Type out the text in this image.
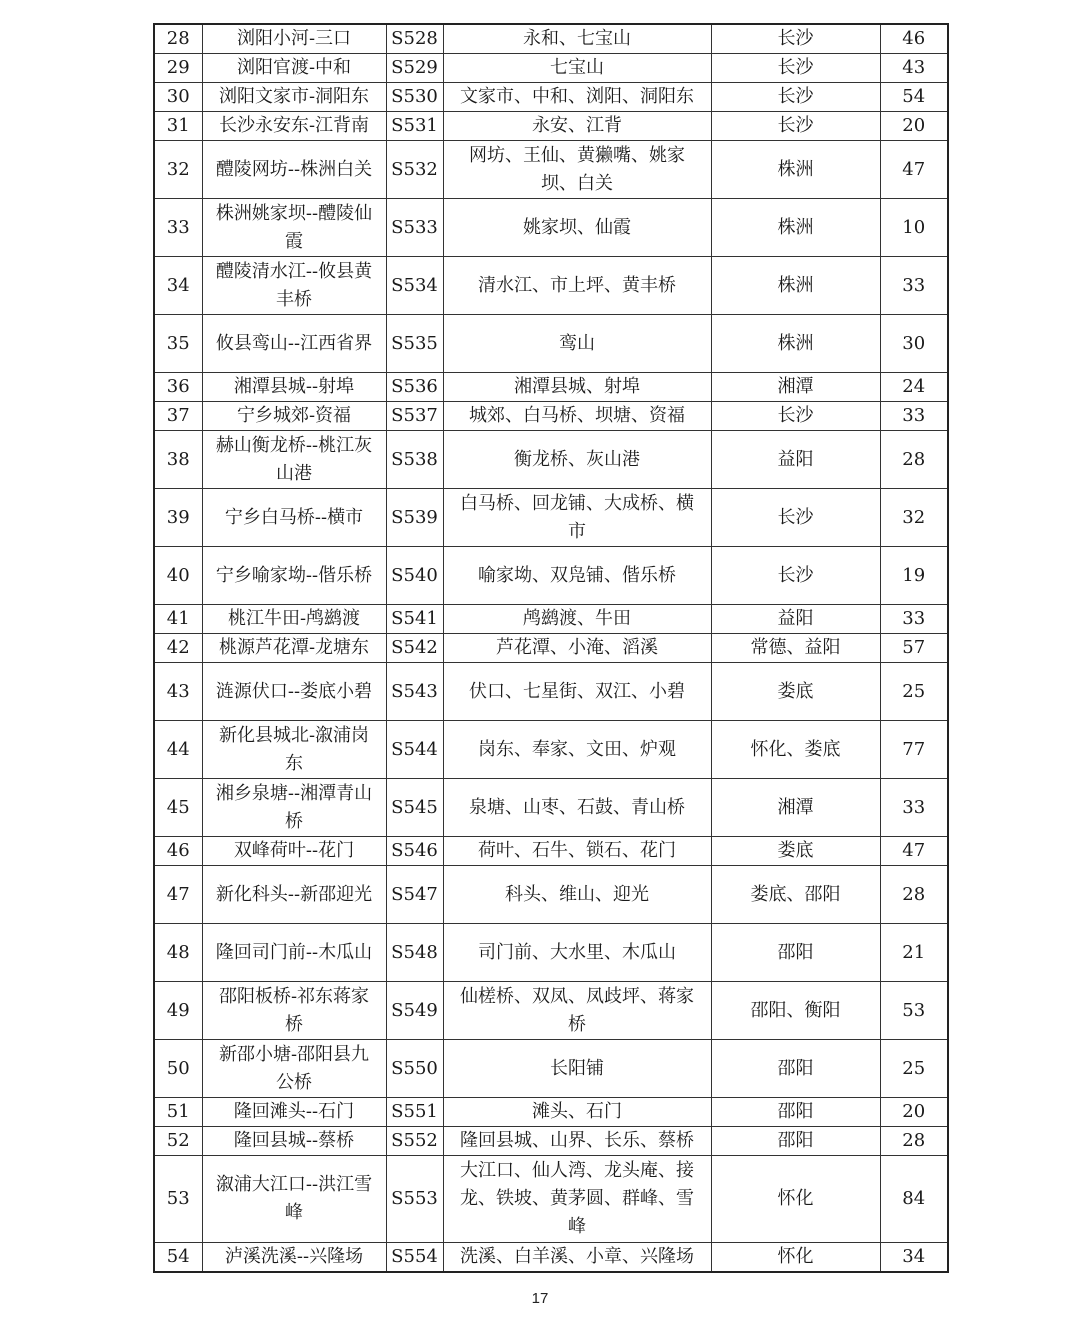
28	浏阳小河-三口	S528	永和、七宝山	长沙	46
29	浏阳官渡-中和	S529	七宝山	长沙	43
30	浏阳文家市-洞阳东	S530	文家市、中和、浏阳、洞阳东	长沙	54
31	长沙永安东-江背南	S531	永安、江背	长沙	20
32	醴陵网坊--株洲白关	S532	网坊、王仙、黄獭嘴、姚家坝、白关	株洲	47
33	株洲姚家坝--醴陵仙霞	S533	姚家坝、仙霞	株洲	10
34	醴陵清水江--攸县黄丰桥	S534	清水江、市上坪、黄丰桥	株洲	33
35	攸县鸾山--江西省界	S535	鸾山	株洲	30
36	湘潭县城--射埠	S536	湘潭县城、射埠	湘潭	24
37	宁乡城郊-资福	S537	城郊、白马桥、坝塘、资福	长沙	33
38	赫山衡龙桥--桃江灰山港	S538	衡龙桥、灰山港	益阳	28
39	宁乡白马桥--横市	S539	白马桥、回龙铺、大成桥、横市	长沙	32
40	宁乡喻家坳--偕乐桥	S540	喻家坳、双凫铺、偕乐桥	长沙	19
41	桃江牛田-鸬鹚渡	S541	鸬鹚渡、牛田	益阳	33
42	桃源芦花潭-龙塘东	S542	芦花潭、小淹、滔溪	常德、益阳	57
43	涟源伏口--娄底小碧	S543	伏口、七星街、双江、小碧	娄底	25
44	新化县城北-溆浦岗东	S544	岗东、奉家、文田、炉观	怀化、娄底	77
45	湘乡泉塘--湘潭青山桥	S545	泉塘、山枣、石鼓、青山桥	湘潭	33
46	双峰荷叶--花门	S546	荷叶、石牛、锁石、花门	娄底	47
47	新化科头--新邵迎光	S547	科头、维山、迎光	娄底、邵阳	28
48	隆回司门前--木瓜山	S548	司门前、大水里、木瓜山	邵阳	21
49	邵阳板桥-祁东蒋家桥	S549	仙槎桥、双凤、凤歧坪、蒋家桥	邵阳、衡阳	53
50	新邵小塘-邵阳县九公桥	S550	长阳铺	邵阳	25
51	隆回滩头--石门	S551	滩头、石门	邵阳	20
52	隆回县城--蔡桥	S552	隆回县城、山界、长乐、蔡桥	邵阳	28
53	溆浦大江口--洪江雪峰	S553	大江口、仙人湾、龙头庵、接龙、铁坡、黄茅圆、群峰、雪峰	怀化	84
54	泸溪洗溪--兴隆场	S554	洗溪、白羊溪、小章、兴隆场	怀化	34
17
